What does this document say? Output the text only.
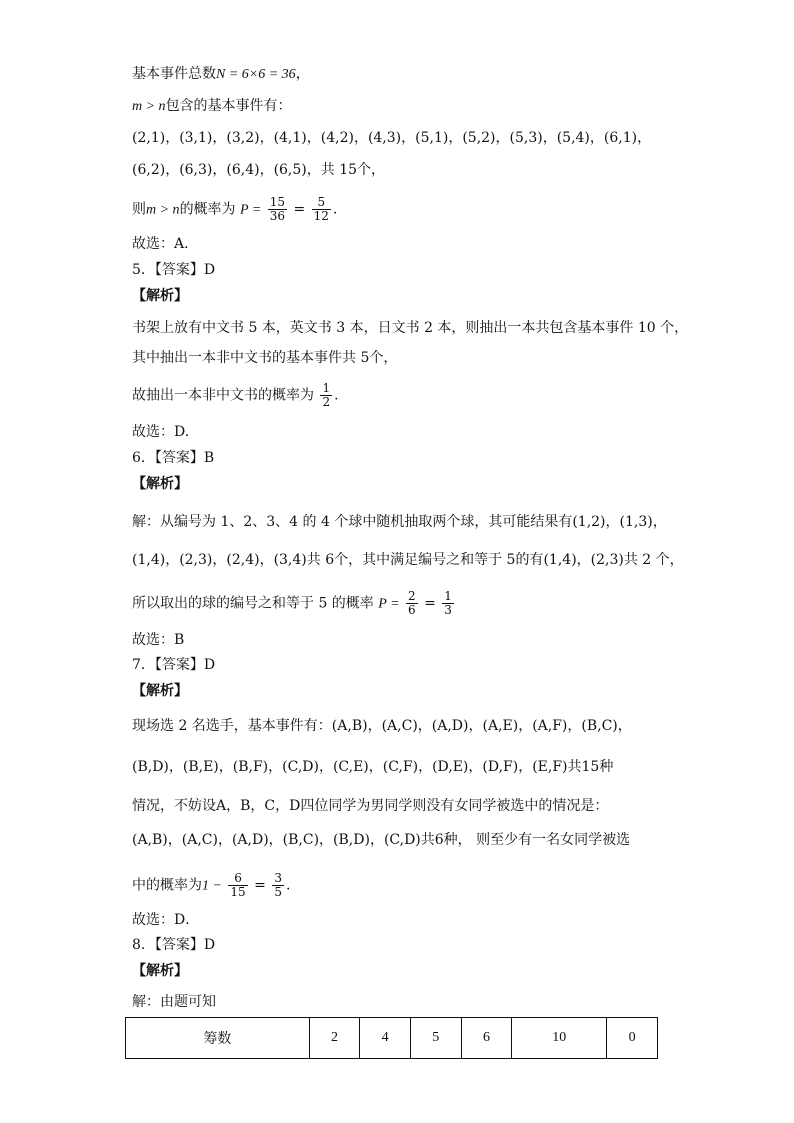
基本事件总数N = 6×6 = 36，
m > n包含的基本事件有：
(2,1)，(3,1)，(3,2)，(4,1)，(4,2)，(4,3)，(5,1)，(5,2)，(5,3)，(5,4)，(6,1)，
(6,2)，(6,3)，(6,4)，(6,5)，共 15个，
则m > n的概率为 $P = \frac{15}{36} = \frac{5}{12}$ .
故选：A．
5．【答案】D
【解析】
书架上放有中文书 5 本，英文书 3 本，日文书 2 本，则抽出一本共包含基本事件 10 个，
其中抽出一本非中文书的基本事件共 5个，
故抽出一本非中文书的概率为 $\frac{1}{2}$ .
故选：D.
6．【答案】B
【解析】
解：从编号为 1、2、3、4 的 4 个球中随机抽取两个球，其可能结果有(1,2)，(1,3)，
(1,4)，(2,3)，(2,4)，(3,4)共 6个，其中满足编号之和等于 5的有(1,4)，(2,3)共 2 个，
所以取出的球的编号之和等于 5 的概率 $P = \frac{2}{6} = \frac{1}{3}$
故选：B
7．【答案】D
【解析】
现场选 2 名选手，基本事件有：(A,B)，(A,C)，(A,D)，(A,E)，(A,F)，(B,C)，
(B,D)，(B,E)，(B,F)，(C,D)，(C,E)，(C,F)，(D,E)，(D,F)，(E,F)共15种
情况，不妨设A，B，C，D四位同学为男同学则没有女同学被选中的情况是：
(A,B)，(A,C)，(A,D)，(B,C)，(B,D)，(C,D)共6种， 则至少有一名女同学被选
中的概率为$1 - \frac{6}{15} = \frac{3}{5}$ .
故选：D．
8．【答案】D
【解析】
解：由题可知
筹数	2	4	5	6	10	0
